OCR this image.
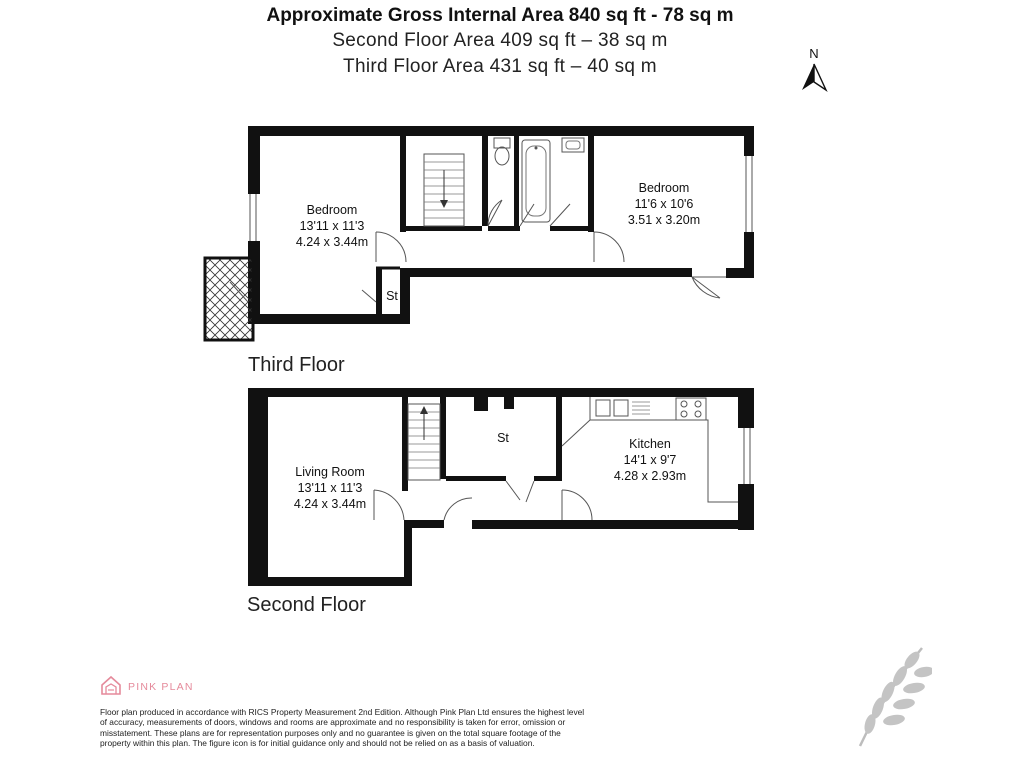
Approximate Gross Internal Area 840 sq ft - 78 sq m
Second Floor Area 409 sq ft – 38 sq m
Third Floor Area 431 sq ft – 40 sq m
N
Bedroom
13'11 x 11'3
4.24 x 3.44m
Bedroom
11'6 x 10'6
3.51 x 3.20m
St
Third Floor
Living Room
13'11 x 11'3
4.24 x 3.44m
Kitchen
14'1 x 9'7
4.28 x 2.93m
St
Second Floor
PINK PLAN
Floor plan produced in accordance with RICS Property Measurement 2nd Edition. Although Pink Plan Ltd ensures the highest level of accuracy, measurements of doors, windows and rooms are approximate and no responsibility is taken for error, omission or misstatement. These plans are for representation purposes only and no guarantee is given on the total square footage of the property within this plan. The figure icon is for initial guidance only and should not be relied on as a basis of valuation.
